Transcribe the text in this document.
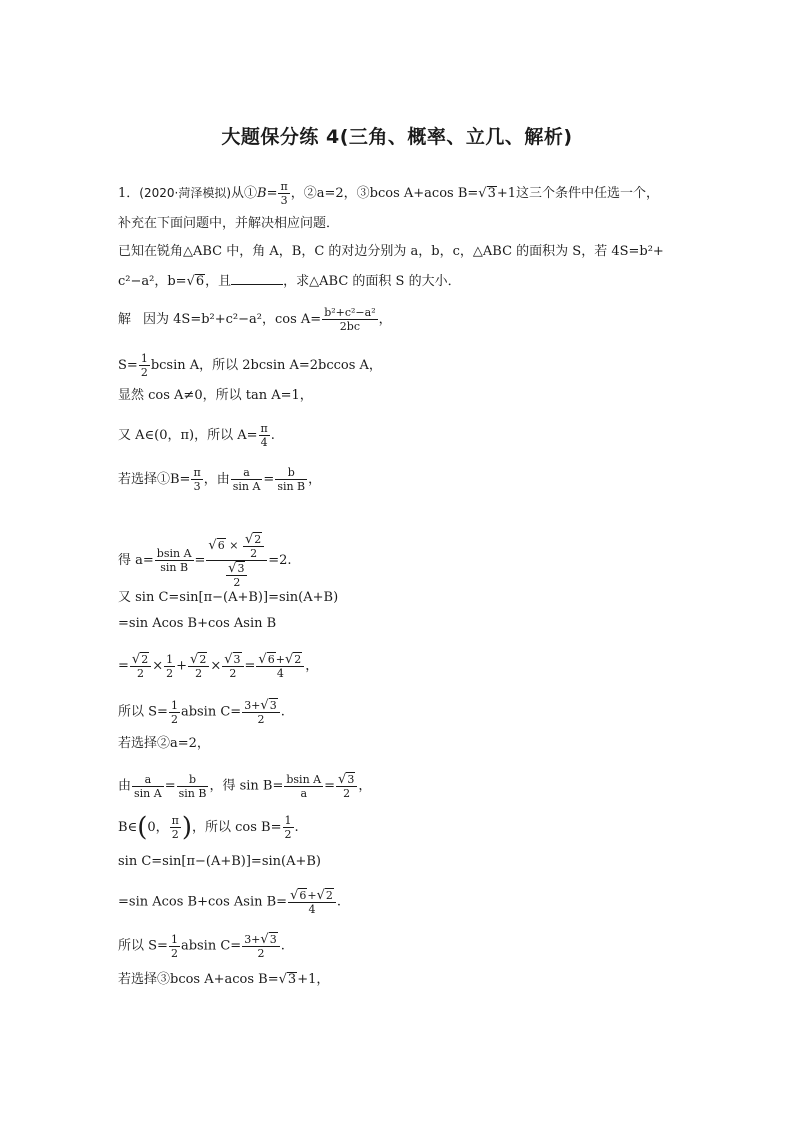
大题保分练 4(三角、概率、立几、解析)
1．(2020·菏泽模拟)从①B= $\frac{\pi}{3}$ ，②a=2，③bcos A+acos B=√3+1这三个条件中任选一个，
补充在下面问题中，并解决相应问题．
已知在锐角△ABC 中，角 A，B，C 的对边分别为 a，b，c，△ABC 的面积为 S，若 4S=b²+
c²−a²，b=√6，且	，求△ABC 的面积 S 的大小．
解 因为 4S=b²+c²−a²，$\cos A= \frac{\text{b²+c²−a²}}{2bc}$ ，
$S= \frac{1}{2}$ bcsin A，所以 2bcsin A=2bccos A，
显然 cos A≠0，所以 tan A=1，
又 A∈(0，π)，所以 $A= \frac{\pi}{4}$ .
若选择①B= $\frac{\pi}{3}$ ，由 $\frac{a}{\text{sin A}} = \frac{b}{\text{sin B}}$ ，
得 $a= \frac{\text{bsin A}}{\text{sin B}} = \frac{√6 \times \frac{√2}{2}}{\frac{√3}{2}} =2$.
又 sin C=sin[π−(A+B)]=sin(A+B)
=sin Acos B+cos Asin B
= $\frac{√2}{2} \times \frac{1}{2} + \frac{√2}{2} \times \frac{√3}{2} = \frac{√6+√2}{4}$ ，
所以 $S= \frac{1}{2}$ absin $C= \frac{3+√3}{2}$ .
若选择②a=2，
由 $\frac{a}{\text{sin A}} = \frac{b}{\text{sin B}}$ ，得 $\sin B= \frac{\text{bsin A}}{a} = \frac{√3}{2}$ ，
B∈(0， $\frac{\pi}{2}$ )，所以 $\cos B= \frac{1}{2}$ .
sin C=sin[π−(A+B)]=sin(A+B)
=sin Acos B+cos Asin $B= \frac{√6+√2}{4}$ .
所以 $S= \frac{1}{2}$ absin $C= \frac{3+√3}{2}$ .
若选择③bcos A+acos B=√3+1，
